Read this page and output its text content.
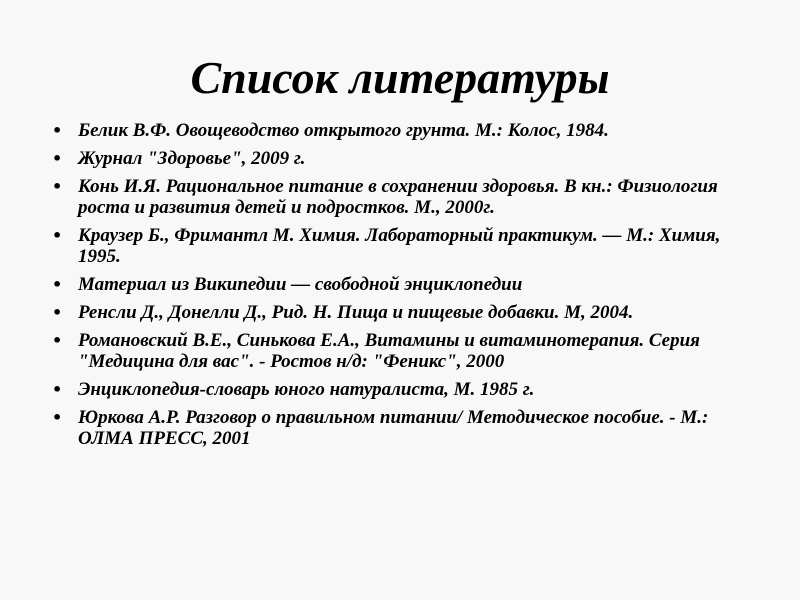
Список литературы
• Белик В.Ф. Овощеводство открытого грунта. М.: Колос, 1984.
• Журнал "Здоровье", 2009 г.
• Конь И.Я. Рациональное питание в сохранении здоровья. В кн.: Физиология роста и развития детей и подростков. М., 2000г.
• Краузер Б., Фримантл М. Химия. Лабораторный практикум. — М.: Химия, 1995.
• Материал из Википедии — свободной энциклопедии
• Ренсли Д., Донелли Д., Рид. Н. Пища и пищевые добавки. М, 2004.
• Романовский В.Е., Синькова Е.А., Витамины и витаминотерапия. Серия "Медицина для вас". - Ростов н/д: "Феникс", 2000
• Энциклопедия-словарь юного натуралиста, М. 1985 г.
• Юркова А.Р. Разговор о правильном питании/ Методическое пособие. - М.: ОЛМА ПРЕСС, 2001
